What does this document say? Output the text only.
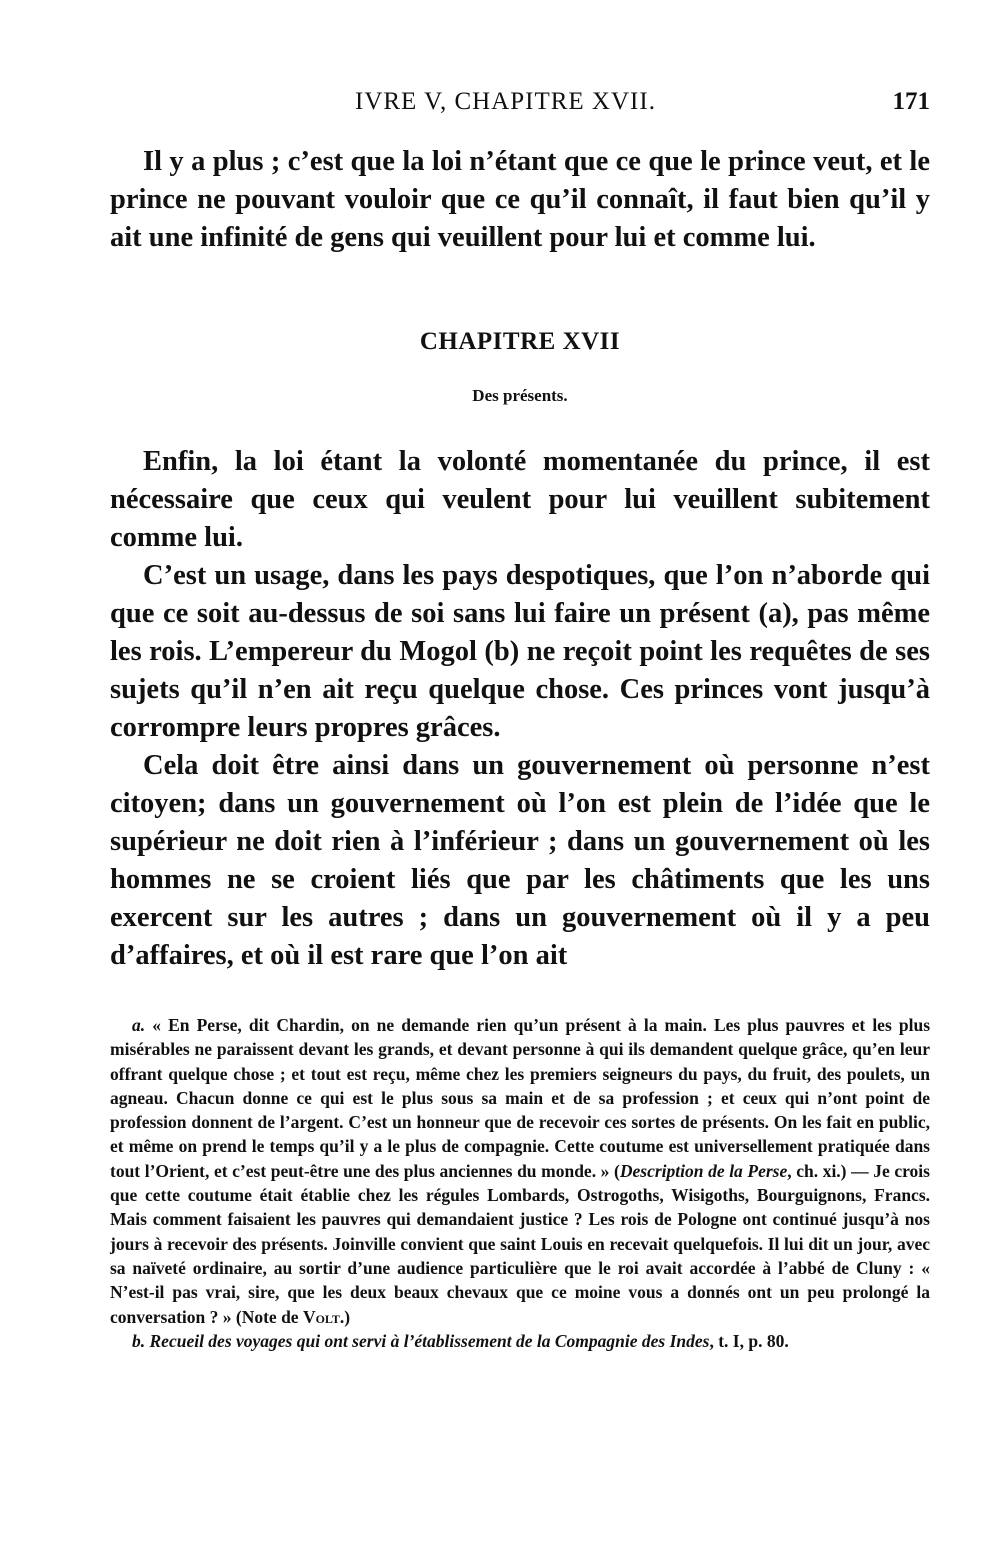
IVRE V, CHAPITRE XVII.	171

Il y a plus ; c’est que la loi n’étant que ce que le prince veut, et le prince ne pouvant vouloir que ce qu’il connaît, il faut bien qu’il y ait une infinité de gens qui veuillent pour lui et comme lui.

CHAPITRE XVII
Des présents.

Enfin, la loi étant la volonté momentanée du prince, il est nécessaire que ceux qui veulent pour lui veuillent subitement comme lui.

C’est un usage, dans les pays despotiques, que l’on n’aborde qui que ce soit au-dessus de soi sans lui faire un présent (a), pas même les rois. L’empereur du Mogol (b) ne reçoit point les requêtes de ses sujets qu’il n’en ait reçu quelque chose. Ces princes vont jusqu’à corrompre leurs propres grâces.

Cela doit être ainsi dans un gouvernement où personne n’est citoyen; dans un gouvernement où l’on est plein de l’idée que le supérieur ne doit rien à l’inférieur ; dans un gouvernement où les hommes ne se croient liés que par les châtiments que les uns exercent sur les autres ; dans un gouvernement où il y a peu d’affaires, et où il est rare que l’on ait

a. « En Perse, dit Chardin, on ne demande rien qu’un présent à la main. Les plus pauvres et les plus misérables ne paraissent devant les grands, et devant personne à qui ils demandent quelque grâce, qu’en leur offrant quelque chose ; et tout est reçu, même chez les premiers seigneurs du pays, du fruit, des poulets, un agneau. Chacun donne ce qui est le plus sous sa main et de sa profession ; et ceux qui n’ont point de profession donnent de l’argent. C’est un honneur que de recevoir ces sortes de présents. On les fait en public, et même on prend le temps qu’il y a le plus de compagnie. Cette coutume est universellement pratiquée dans tout l’Orient, et c’est peut-être une des plus anciennes du monde. » (Description de la Perse, ch. xi.) — Je crois que cette coutume était établie chez les régules Lombards, Ostrogoths, Wisigoths, Bourguignons, Francs. Mais comment faisaient les pauvres qui demandaient justice ? Les rois de Pologne ont continué jusqu’à nos jours à recevoir des présents. Joinville convient que saint Louis en recevait quelquefois. Il lui dit un jour, avec sa naïveté ordinaire, au sortir d’une audience particulière que le roi avait accordée à l’abbé de Cluny : « N’est-il pas vrai, sire, que les deux beaux chevaux que ce moine vous a donnés ont un peu prolongé la conversation ? » (Note de Volt.)

b. Recueil des voyages qui ont servi à l’établissement de la Compagnie des Indes, t. I, p. 80.
